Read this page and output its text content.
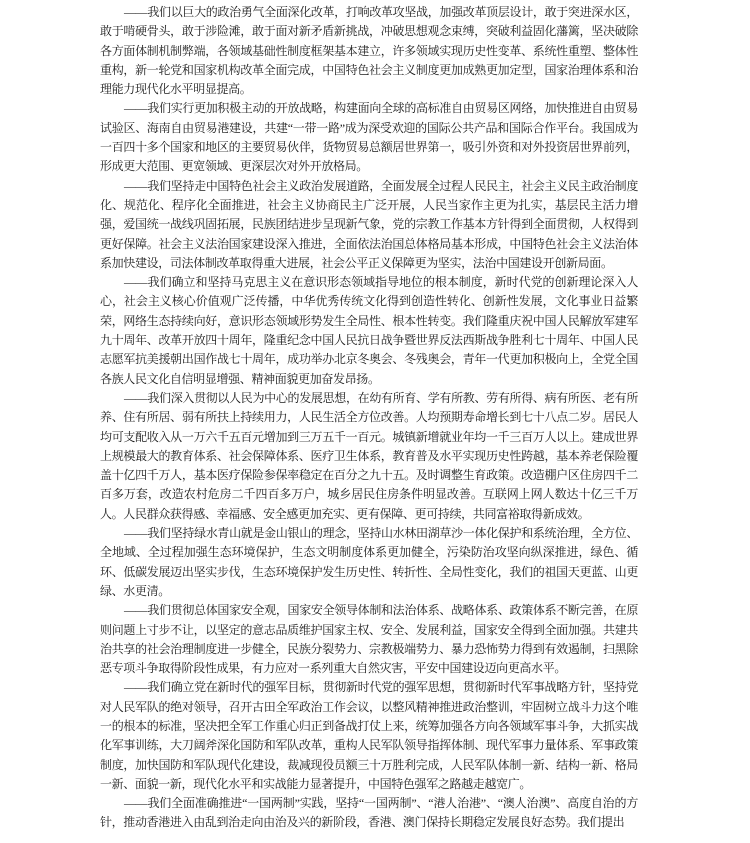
——我们以巨大的政治勇气全面深化改革，打响改革攻坚战，加强改革顶层设计，敢于突进深水区，敢于啃硬骨头，敢于涉险滩，敢于面对新矛盾新挑战，冲破思想观念束缚，突破利益固化藩篱，坚决破除各方面体制机制弊端，各领域基础性制度框架基本建立，许多领域实现历史性变革、系统性重塑、整体性重构，新一轮党和国家机构改革全面完成，中国特色社会主义制度更加成熟更加定型，国家治理体系和治理能力现代化水平明显提高。

——我们实行更加积极主动的开放战略，构建面向全球的高标准自由贸易区网络，加快推进自由贸易试验区、海南自由贸易港建设，共建“一带一路”成为深受欢迎的国际公共产品和国际合作平台。我国成为一百四十多个国家和地区的主要贸易伙伴，货物贸易总额居世界第一，吸引外资和对外投资居世界前列，形成更大范围、更宽领域、更深层次对外开放格局。

——我们坚持走中国特色社会主义政治发展道路，全面发展全过程人民民主，社会主义民主政治制度化、规范化、程序化全面推进，社会主义协商民主广泛开展，人民当家作主更为扎实，基层民主活力增强，爱国统一战线巩固拓展，民族团结进步呈现新气象，党的宗教工作基本方针得到全面贯彻，人权得到更好保障。社会主义法治国家建设深入推进，全面依法治国总体格局基本形成，中国特色社会主义法治体系加快建设，司法体制改革取得重大进展，社会公平正义保障更为坚实，法治中国建设开创新局面。

——我们确立和坚持马克思主义在意识形态领域指导地位的根本制度，新时代党的创新理论深入人心，社会主义核心价值观广泛传播，中华优秀传统文化得到创造性转化、创新性发展，文化事业日益繁荣，网络生态持续向好，意识形态领域形势发生全局性、根本性转变。我们隆重庆祝中国人民解放军建军九十周年、改革开放四十周年，隆重纪念中国人民抗日战争暨世界反法西斯战争胜利七十周年、中国人民志愿军抗美援朝出国作战七十周年，成功举办北京冬奥会、冬残奥会，青年一代更加积极向上，全党全国各族人民文化自信明显增强、精神面貌更加奋发昂扬。

——我们深入贯彻以人民为中心的发展思想，在幼有所育、学有所教、劳有所得、病有所医、老有所养、住有所居、弱有所扶上持续用力，人民生活全方位改善。人均预期寿命增长到七十八点二岁。居民人均可支配收入从一万六千五百元增加到三万五千一百元。城镇新增就业年均一千三百万人以上。建成世界上规模最大的教育体系、社会保障体系、医疗卫生体系，教育普及水平实现历史性跨越，基本养老保险覆盖十亿四千万人，基本医疗保险参保率稳定在百分之九十五。及时调整生育政策。改造棚户区住房四千二百多万套，改造农村危房二千四百多万户，城乡居民住房条件明显改善。互联网上网人数达十亿三千万人。人民群众获得感、幸福感、安全感更加充实、更有保障、更可持续，共同富裕取得新成效。

——我们坚持绿水青山就是金山银山的理念，坚持山水林田湖草沙一体化保护和系统治理，全方位、全地域、全过程加强生态环境保护，生态文明制度体系更加健全，污染防治攻坚向纵深推进，绿色、循环、低碳发展迈出坚实步伐，生态环境保护发生历史性、转折性、全局性变化，我们的祖国天更蓝、山更绿、水更清。

——我们贯彻总体国家安全观，国家安全领导体制和法治体系、战略体系、政策体系不断完善，在原则问题上寸步不让，以坚定的意志品质维护国家主权、安全、发展利益，国家安全得到全面加强。共建共治共享的社会治理制度进一步健全，民族分裂势力、宗教极端势力、暴力恐怖势力得到有效遏制，扫黑除恶专项斗争取得阶段性成果，有力应对一系列重大自然灾害，平安中国建设迈向更高水平。

——我们确立党在新时代的强军目标，贯彻新时代党的强军思想，贯彻新时代军事战略方针，坚持党对人民军队的绝对领导，召开古田全军政治工作会议，以整风精神推进政治整训，牢固树立战斗力这个唯一的根本的标准，坚决把全军工作重心归正到备战打仗上来，统筹加强各方向各领域军事斗争，大抓实战化军事训练，大刀阔斧深化国防和军队改革，重构人民军队领导指挥体制、现代军事力量体系、军事政策制度，加快国防和军队现代化建设，裁减现役员额三十万胜利完成，人民军队体制一新、结构一新、格局一新、面貌一新，现代化水平和实战能力显著提升，中国特色强军之路越走越宽广。

——我们全面准确推进“一国两制”实践，坚持“一国两制”、“港人治港”、“澳人治澳”、高度自治的方针，推动香港进入由乱到治走向由治及兴的新阶段，香港、澳门保持长期稳定发展良好态势。我们提出
